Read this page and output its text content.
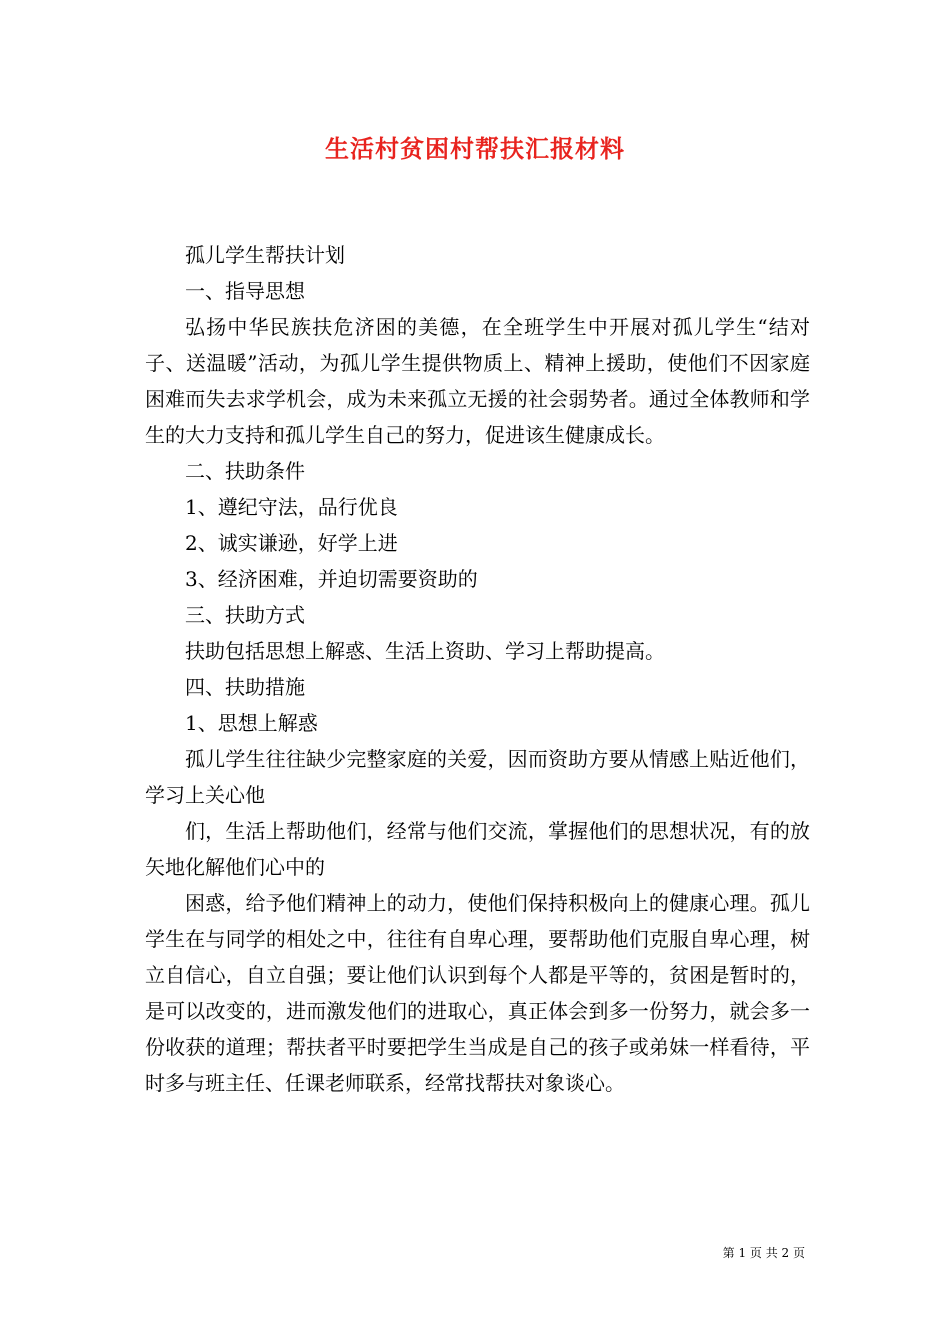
生活村贫困村帮扶汇报材料

孤儿学生帮扶计划

一、指导思想

弘扬中华民族扶危济困的美德，在全班学生中开展对孤儿学生“结对子、送温暖”活动，为孤儿学生提供物质上、精神上援助，使他们不因家庭困难而失去求学机会，成为未来孤立无援的社会弱势者。通过全体教师和学生的大力支持和孤儿学生自己的努力，促进该生健康成长。

二、扶助条件

1、遵纪守法，品行优良

2、诚实谦逊，好学上进

3、经济困难，并迫切需要资助的

三、扶助方式

扶助包括思想上解惑、生活上资助、学习上帮助提高。

四、扶助措施

1、思想上解惑

孤儿学生往往缺少完整家庭的关爱，因而资助方要从情感上贴近他们，学习上关心他

们，生活上帮助他们，经常与他们交流，掌握他们的思想状况，有的放矢地化解他们心中的

困惑，给予他们精神上的动力，使他们保持积极向上的健康心理。孤儿学生在与同学的相处之中，往往有自卑心理，要帮助他们克服自卑心理，树立自信心，自立自强；要让他们认识到每个人都是平等的，贫困是暂时的，是可以改变的，进而激发他们的进取心，真正体会到多一份努力，就会多一份收获的道理；帮扶者平时要把学生当成是自己的孩子或弟妹一样看待，平时多与班主任、任课老师联系，经常找帮扶对象谈心。

第 1 页 共 2 页
